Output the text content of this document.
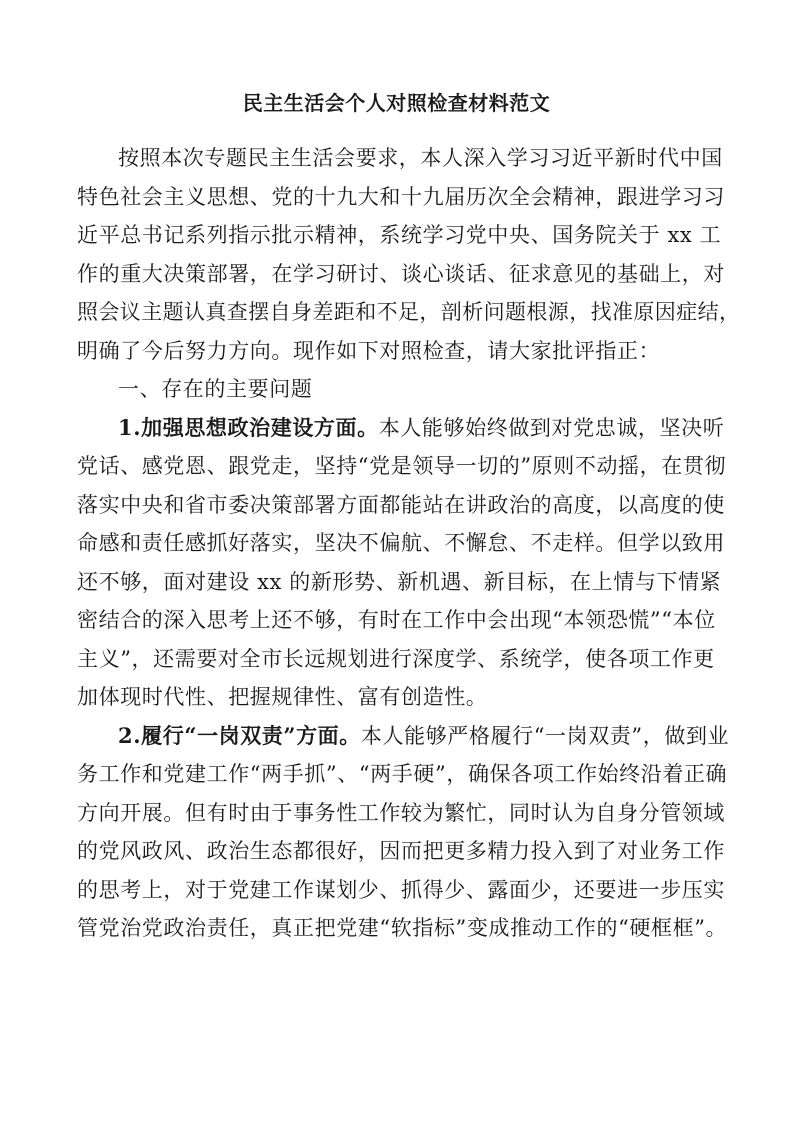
民主生活会个人对照检查材料范文
按照本次专题民主生活会要求，本人深入学习习近平新时代中国
特色社会主义思想、党的十九大和十九届历次全会精神，跟进学习习
近平总书记系列指示批示精神，系统学习党中央、国务院关于 xx 工
作的重大决策部署，在学习研讨、谈心谈话、征求意见的基础上，对
照会议主题认真查摆自身差距和不足，剖析问题根源，找准原因症结，
明确了今后努力方向。现作如下对照检查，请大家批评指正：
一、存在的主要问题
1.加强思想政治建设方面。本人能够始终做到对党忠诚，坚决听
党话、感党恩、跟党走，坚持“党是领导一切的”原则不动摇，在贯彻
落实中央和省市委决策部署方面都能站在讲政治的高度，以高度的使
命感和责任感抓好落实，坚决不偏航、不懈怠、不走样。但学以致用
还不够，面对建设 xx 的新形势、新机遇、新目标，在上情与下情紧
密结合的深入思考上还不够，有时在工作中会出现“本领恐慌”“本位
主义”，还需要对全市长远规划进行深度学、系统学，使各项工作更
加体现时代性、把握规律性、富有创造性。
2.履行“一岗双责”方面。本人能够严格履行“一岗双责”，做到业
务工作和党建工作“两手抓”、“两手硬”，确保各项工作始终沿着正确
方向开展。但有时由于事务性工作较为繁忙，同时认为自身分管领域
的党风政风、政治生态都很好，因而把更多精力投入到了对业务工作
的思考上，对于党建工作谋划少、抓得少、露面少，还要进一步压实
管党治党政治责任，真正把党建“软指标”变成推动工作的“硬框框”。
